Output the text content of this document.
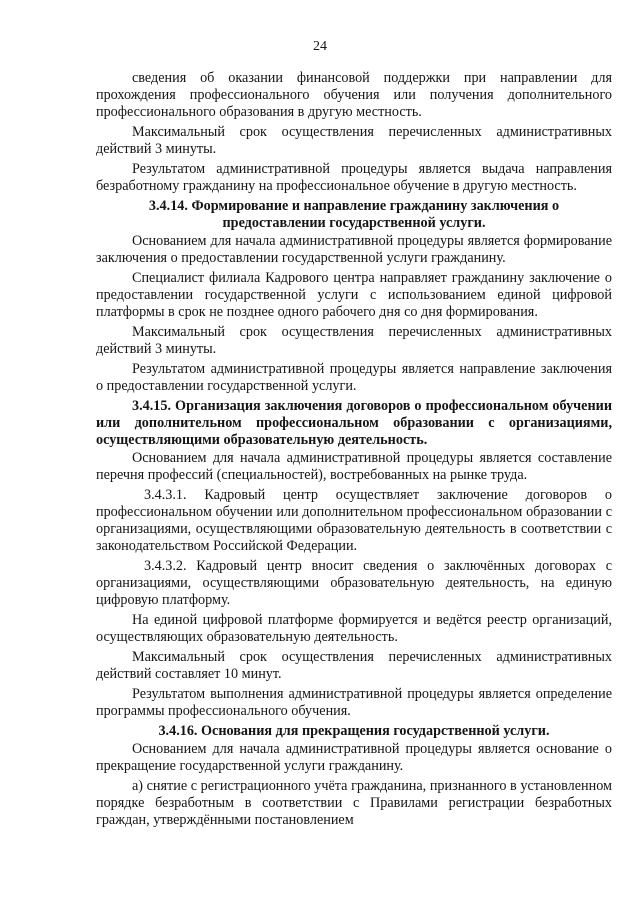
24

сведения об оказании финансовой поддержки при направлении для прохождения профессионального обучения или получения дополнительного профессионального образования в другую местность.

Максимальный срок осуществления перечисленных административных действий 3 минуты.

Результатом административной процедуры является выдача направления безработному гражданину на профессиональное обучение в другую местность.

3.4.14. Формирование и направление гражданину заключения о предоставлении государственной услуги.

Основанием для начала административной процедуры является формирование заключения о предоставлении государственной услуги гражданину.

Специалист филиала Кадрового центра направляет гражданину заключение о предоставлении государственной услуги с использованием единой цифровой платформы в срок не позднее одного рабочего дня со дня формирования.

Максимальный срок осуществления перечисленных административных действий 3 минуты.

Результатом административной процедуры является направление заключения о предоставлении государственной услуги.

3.4.15. Организация заключения договоров о профессиональном обучении или дополнительном профессиональном образовании с организациями, осуществляющими образовательную деятельность.

Основанием для начала административной процедуры является составление перечня профессий (специальностей), востребованных на рынке труда.

3.4.3.1. Кадровый центр осуществляет заключение договоров о профессиональном обучении или дополнительном профессиональном образовании с организациями, осуществляющими образовательную деятельность в соответствии с законодательством Российской Федерации.

3.4.3.2. Кадровый центр вносит сведения о заключённых договорах с организациями, осуществляющими образовательную деятельность, на единую цифровую платформу.

На единой цифровой платформе формируется и ведётся реестр организаций, осуществляющих образовательную деятельность.

Максимальный срок осуществления перечисленных административных действий составляет 10 минут.

Результатом выполнения административной процедуры является определение программы профессионального обучения.

3.4.16. Основания для прекращения государственной услуги.

Основанием для начала административной процедуры является основание о прекращение государственной услуги гражданину.

а) снятие с регистрационного учёта гражданина, признанного в установленном порядке безработным в соответствии с Правилами регистрации безработных граждан, утверждёнными постановлением
